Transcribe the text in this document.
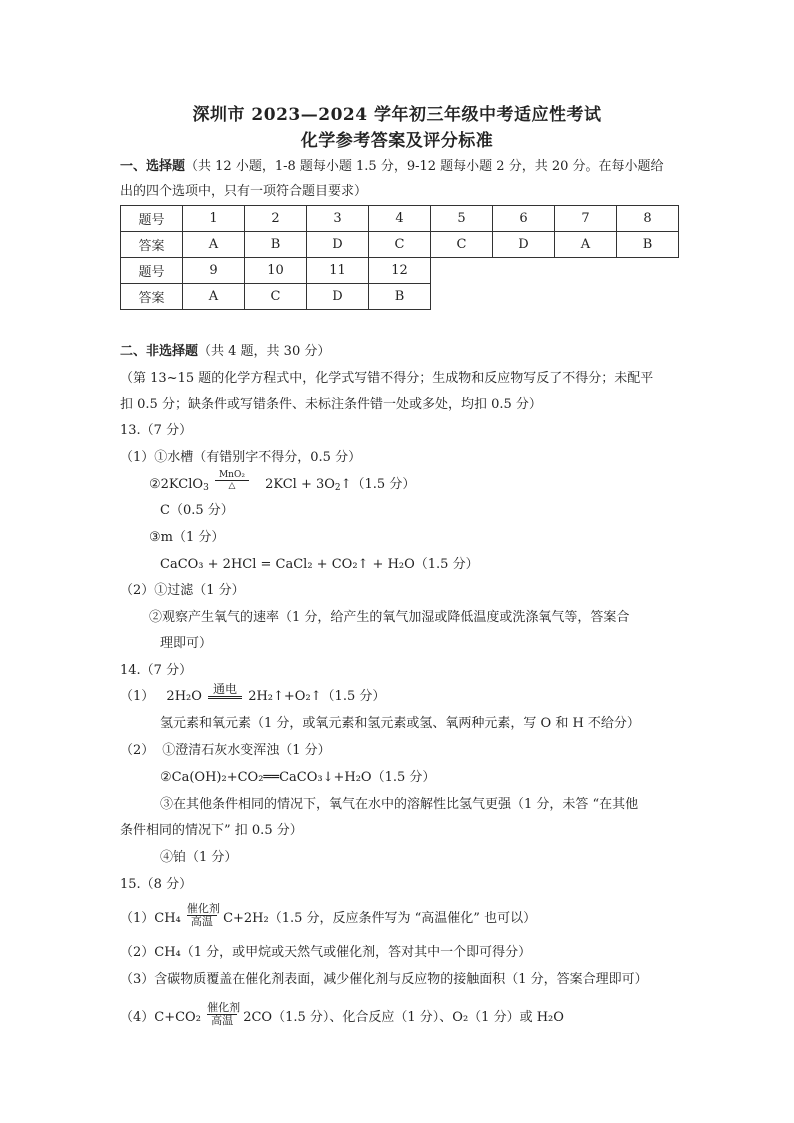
深圳市 2023—2024 学年初三年级中考适应性考试
化学参考答案及评分标准
一、选择题（共 12 小题，1-8 题每小题 1.5 分，9-12 题每小题 2 分，共 20 分。在每小题给
出的四个选项中，只有一项符合题目要求）
题号	1	2	3	4	5	6	7	8
答案	A	B	D	C	C	D	A	B
题号	9	10	11	12				
答案	A	C	D	B				
二、非选择题（共 4 题，共 30 分）
（第 13~15 题的化学方程式中，化学式写错不得分；生成物和反应物写反了不得分；未配平
扣 0.5 分；缺条件或写错条件、未标注条件错一处或多处，均扣 0.5 分）
13.（7 分）
（1）①水槽（有错别字不得分，0.5 分）
②2KClO$_3$
MnO₂
△	$2KCl + 3O_2↑(1.5$ 分）
C（0.5 分）
③m（1 分）
CaCO₃ + 2HCl = CaCl₂ + CO₂↑ + H₂O（1.5 分）
（2）①过滤（1 分）
②观察产生氧气的速率（1 分，给产生的氧气加湿或降低温度或洗涤氧气等，答案合
理即可）
14.（7 分）
（1） 2H₂O
通电
2H₂↑+O₂↑（1.5 分）
氢元素和氧元素（1 分，或氧元素和氢元素或氢、氧两种元素，写 O 和 H 不给分）
（2） ①澄清石灰水变浑浊（1 分）
②Ca(OH)₂+CO₂══CaCO₃↓+H₂O（1.5 分）
③在其他条件相同的情况下，氧气在水中的溶解性比氢气更强（1 分，未答 “在其他
条件相同的情况下” 扣 0.5 分）
④铂（1 分）
15.（8 分）
（1）CH₄
催化剂
高温 C+2H₂（1.5 分，反应条件写为 “高温催化” 也可以）
（2）CH₄（1 分，或甲烷或天然气或催化剂，答对其中一个即可得分）
（3）含碳物质覆盖在催化剂表面，减少催化剂与反应物的接触面积（1 分，答案合理即可）
（4）C+CO₂
催化剂
高温 2CO（1.5 分）、化合反应（1 分）、O₂（1 分）或 H₂O
